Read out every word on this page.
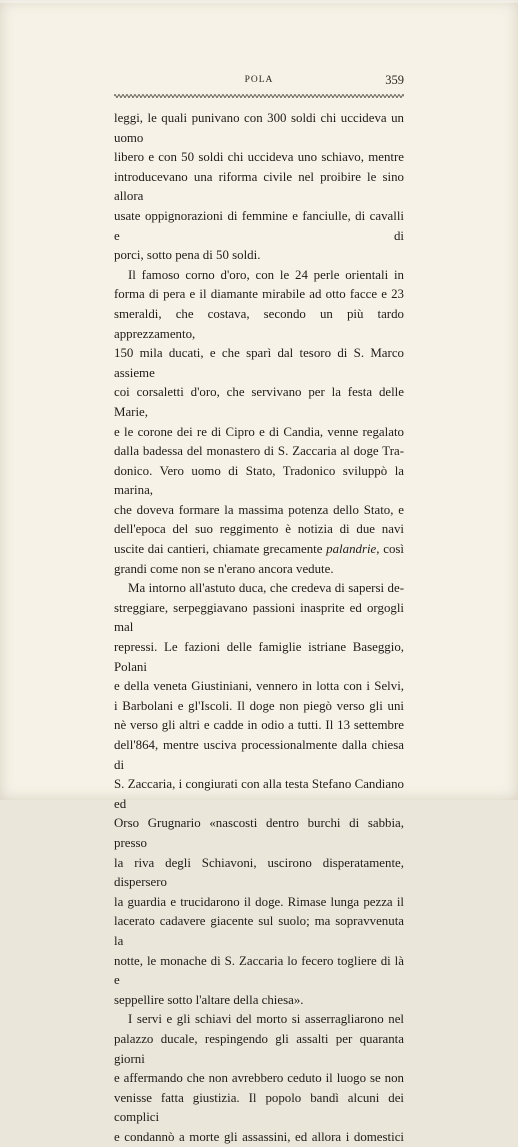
POLA	359

leggi, le quali punivano con 300 soldi chi uccideva un uomo

libero e con 50 soldi chi uccideva uno schiavo, mentre

introducevano una riforma civile nel proibire le sino allora

usate oppignorazioni di femmine e fanciulle, di cavalli e di

porci, sotto pena di 50 soldi.

Il famoso corno d'oro, con le 24 perle orientali in

forma di pera e il diamante mirabile ad otto facce e 23

smeraldi, che costava, secondo un più tardo apprezzamento,

150 mila ducati, e che sparì dal tesoro di S. Marco assieme

coi corsaletti d'oro, che servivano per la festa delle Marie,

e le corone dei re di Cipro e di Candia, venne regalato

dalla badessa del monastero di S. Zaccaria al doge Tra-

donico. Vero uomo di Stato, Tradonico sviluppò la marina,

che doveva formare la massima potenza dello Stato, e

dell'epoca del suo reggimento è notizia di due navi

uscite dai cantieri, chiamate grecamente palandrie, così

grandi come non se n'erano ancora vedute.

Ma intorno all'astuto duca, che credeva di sapersi de-

streggiare, serpeggiavano passioni inasprite ed orgogli mal

repressi. Le fazioni delle famiglie istriane Baseggio, Polani

e della veneta Giustiniani, vennero in lotta con i Selvi,

i Barbolani e gl'Iscoli. Il doge non piegò verso gli uni

nè verso gli altri e cadde in odio a tutti. Il 13 settembre

dell'864, mentre usciva processionalmente dalla chiesa di

S. Zaccaria, i congiurati con alla testa Stefano Candiano ed

Orso Grugnario «nascosti dentro burchi di sabbia, presso

la riva degli Schiavoni, uscirono disperatamente, dispersero

la guardia e trucidarono il doge. Rimase lunga pezza il

lacerato cadavere giacente sul suolo; ma sopravvenuta la

notte, le monache di S. Zaccaria lo fecero togliere di là e

seppellire sotto l'altare della chiesa».

I servi e gli schiavi del morto si asserragliarono nel

palazzo ducale, respingendo gli assalti per quaranta giorni

e affermando che non avrebbero ceduto il luogo se non

venisse fatta giustizia. Il popolo bandì alcuni dei complici

e condannò a morte gli assassini, ed allora i domestici
